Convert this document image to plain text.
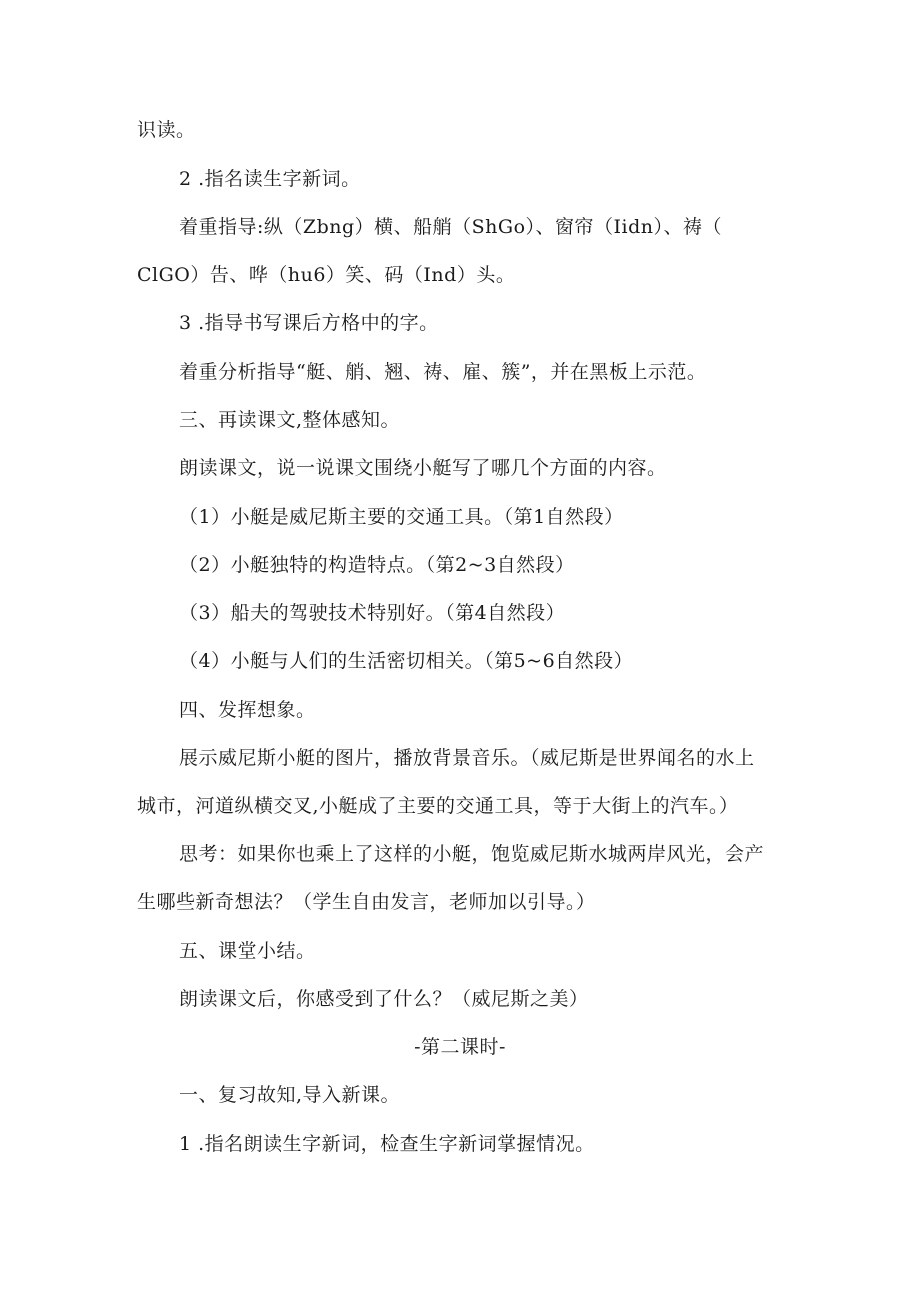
识读。
2 .指名读生字新词。
着重指导:纵（Zbng）横、船艄（ShGo）、窗帘（Iidn）、祷（
ClGO）告、哗（hu6）笑、码（Ind）头。
3 .指导书写课后方格中的字。
着重分析指导“艇、艄、翘、祷、雇、簇”，并在黑板上示范。
三、再读课文,整体感知。
朗读课文，说一说课文围绕小艇写了哪几个方面的内容。
（1）小艇是威尼斯主要的交通工具。（第1自然段）
（2）小艇独特的构造特点。（第2~3自然段）
（3）船夫的驾驶技术特别好。（第4自然段）
（4）小艇与人们的生活密切相关。（第5~6自然段）
四、发挥想象。
展示威尼斯小艇的图片，播放背景音乐。（威尼斯是世界闻名的水上
城市，河道纵横交叉,小艇成了主要的交通工具，等于大街上的汽车。）
思考：如果你也乘上了这样的小艇，饱览威尼斯水城两岸风光，会产
生哪些新奇想法？（学生自由发言，老师加以引导。）
五、课堂小结。
朗读课文后，你感受到了什么？（威尼斯之美）
-第二课时-
一、复习故知,导入新课。
1 .指名朗读生字新词，检查生字新词掌握情况。
